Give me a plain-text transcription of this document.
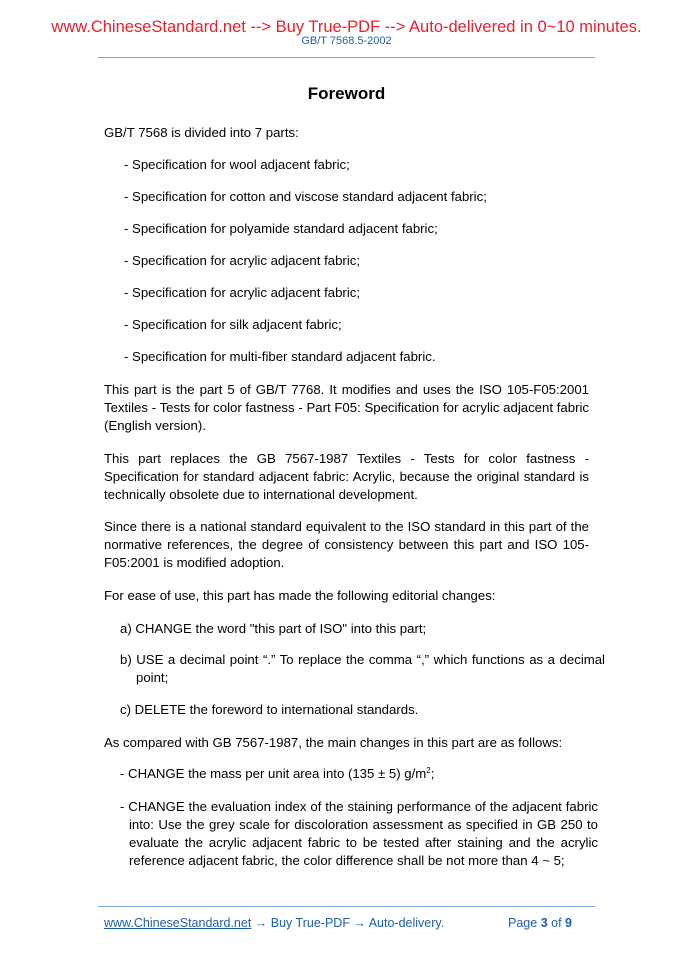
www.ChineseStandard.net --> Buy True-PDF --> Auto-delivered in 0~10 minutes.
GB/T 7568.5-2002
Foreword
GB/T 7568 is divided into 7 parts:
- Specification for wool adjacent fabric;
- Specification for cotton and viscose standard adjacent fabric;
- Specification for polyamide standard adjacent fabric;
- Specification for acrylic adjacent fabric;
- Specification for acrylic adjacent fabric;
- Specification for silk adjacent fabric;
- Specification for multi-fiber standard adjacent fabric.
This part is the part 5 of GB/T 7768. It modifies and uses the ISO 105-F05:2001 Textiles - Tests for color fastness - Part F05: Specification for acrylic adjacent fabric (English version).
This part replaces the GB 7567-1987 Textiles - Tests for color fastness - Specification for standard adjacent fabric: Acrylic, because the original standard is technically obsolete due to international development.
Since there is a national standard equivalent to the ISO standard in this part of the normative references, the degree of consistency between this part and ISO 105-F05:2001 is modified adoption.
For ease of use, this part has made the following editorial changes:
a) CHANGE the word "this part of ISO" into this part;
b) USE a decimal point “.” To replace the comma “,” which functions as a decimal point;
c) DELETE the foreword to international standards.
As compared with GB 7567-1987, the main changes in this part are as follows:
- CHANGE the mass per unit area into (135 ± 5) $g/m^2$;
- CHANGE the evaluation index of the staining performance of the adjacent fabric into: Use the grey scale for discoloration assessment as specified in GB 250 to evaluate the acrylic adjacent fabric to be tested after staining and the acrylic reference adjacent fabric, the color difference shall be not more than 4 ~ 5;
www.ChineseStandard.net → Buy True-PDF → Auto-delivery.	Page 3 of 9
